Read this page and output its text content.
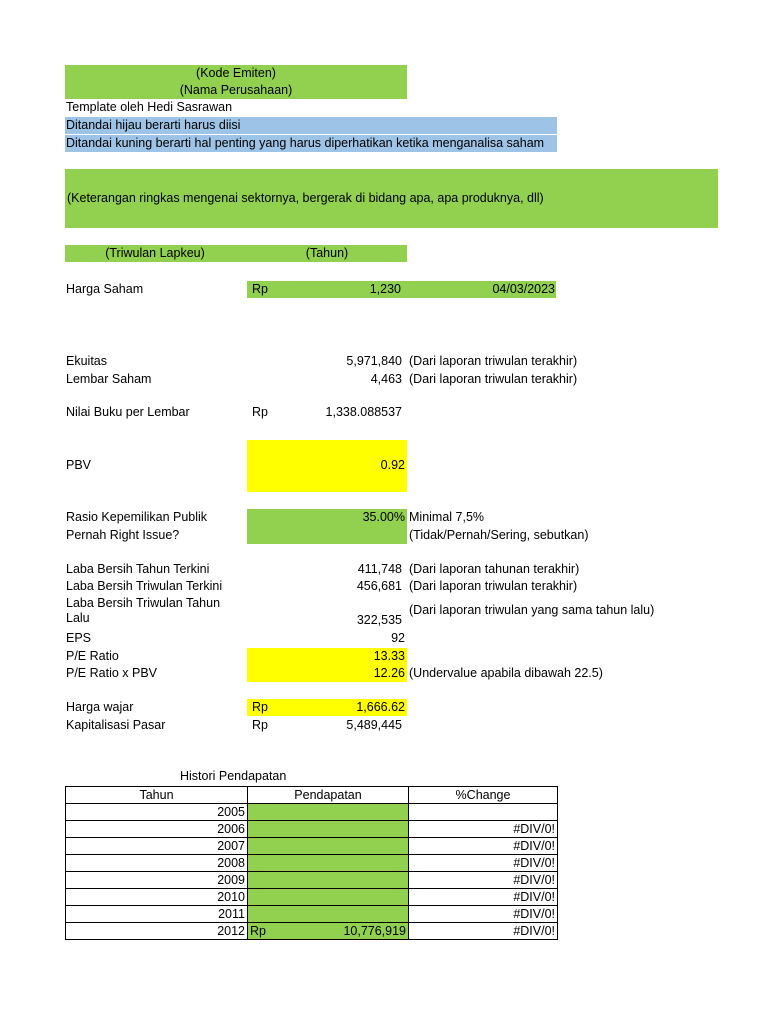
(Kode Emiten)
(Nama Perusahaan)
Template oleh Hedi Sasrawan
Ditandai hijau berarti harus diisi
Ditandai kuning berarti hal penting yang harus diperhatikan ketika menganalisa saham
(Keterangan ringkas mengenai sektornya, bergerak di bidang apa, apa produknya, dll)
(Triwulan Lapkeu)	(Tahun)
Harga Saham	Rp	1,230	04/03/2023
Ekuitas	5,971,840 (Dari laporan triwulan terakhir)
Lembar Saham	4,463 (Dari laporan triwulan terakhir)
Nilai Buku per Lembar	Rp	1,338.088537
PBV	0.92
Rasio Kepemilikan Publik	35.00% Minimal 7,5%
Pernah Right Issue?	(Tidak/Pernah/Sering, sebutkan)
Laba Bersih Tahun Terkini	411,748 (Dari laporan tahunan terakhir)
Laba Bersih Triwulan Terkini	456,681 (Dari laporan triwulan terakhir)
Laba Bersih Triwulan Tahun
Lalu	322,535
(Dari laporan triwulan yang sama tahun lalu)
EPS	92
P/E Ratio	13.33
P/E Ratio x PBV	12.26 (Undervalue apabila dibawah 22.5)
Harga wajar	Rp	1,666.62
Kapitalisasi Pasar	Rp	5,489,445
Histori Pendapatan
Tahun	Pendapatan	%Change
2005	

2006		#DIV/0!
2007		#DIV/0!
2008		#DIV/0!
2009		#DIV/0!
2010		#DIV/0!
2011		#DIV/0!
2012	Rp 10,776,919	#DIV/0!
